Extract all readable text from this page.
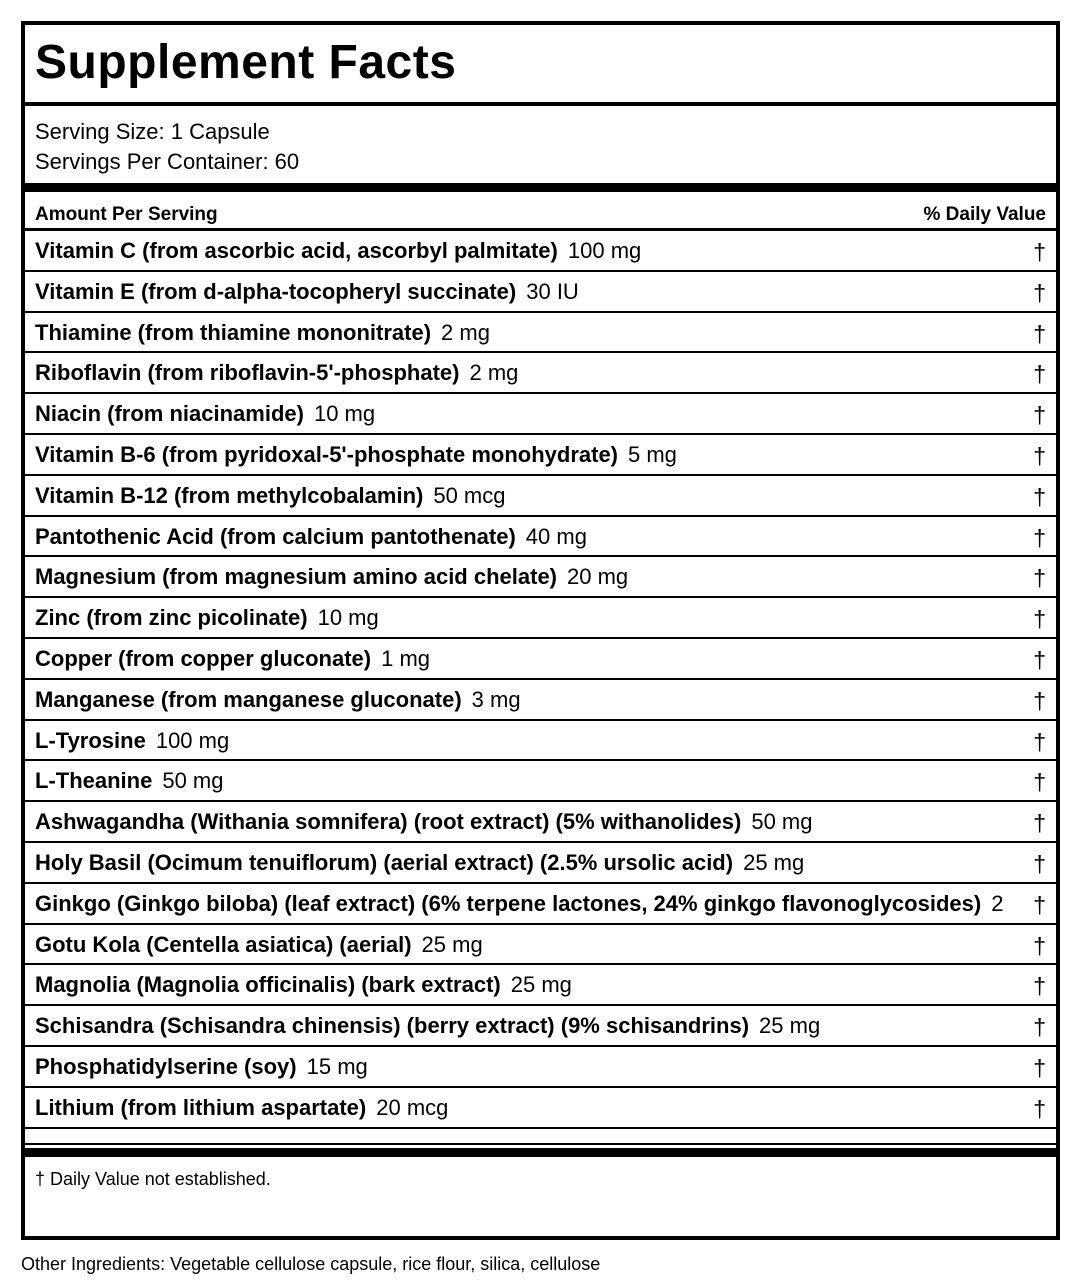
Supplement Facts
Serving Size: 1 Capsule
Servings Per Container: 60
Amount Per Serving	% Daily Value
Vitamin C (from ascorbic acid, ascorbyl palmitate) 100 mg	†
Vitamin E (from d-alpha-tocopheryl succinate) 30 IU	†
Thiamine (from thiamine mononitrate) 2 mg	†
Riboflavin (from riboflavin-5'-phosphate) 2 mg	†
Niacin (from niacinamide) 10 mg	†
Vitamin B-6 (from pyridoxal-5'-phosphate monohydrate) 5 mg	†
Vitamin B-12 (from methylcobalamin) 50 mcg	†
Pantothenic Acid (from calcium pantothenate) 40 mg	†
Magnesium (from magnesium amino acid chelate) 20 mg	†
Zinc (from zinc picolinate) 10 mg	†
Copper (from copper gluconate) 1 mg	†
Manganese (from manganese gluconate) 3 mg	†
L-Tyrosine 100 mg	†
L-Theanine 50 mg	†
Ashwagandha (Withania somnifera) (root extract) (5% withanolides) 50 mg	†
Holy Basil (Ocimum tenuiflorum) (aerial extract) (2.5% ursolic acid) 25 mg	†
Ginkgo (Ginkgo biloba) (leaf extract) (6% terpene lactones, 24% ginkgo flavonoglycosides) 2 †
Gotu Kola (Centella asiatica) (aerial) 25 mg	†
Magnolia (Magnolia officinalis) (bark extract) 25 mg	†
Schisandra (Schisandra chinensis) (berry extract) (9% schisandrins) 25 mg	†
Phosphatidylserine (soy) 15 mg	†
Lithium (from lithium aspartate) 20 mcg	†
† Daily Value not established.
Other Ingredients: Vegetable cellulose capsule, rice flour, silica, cellulose
